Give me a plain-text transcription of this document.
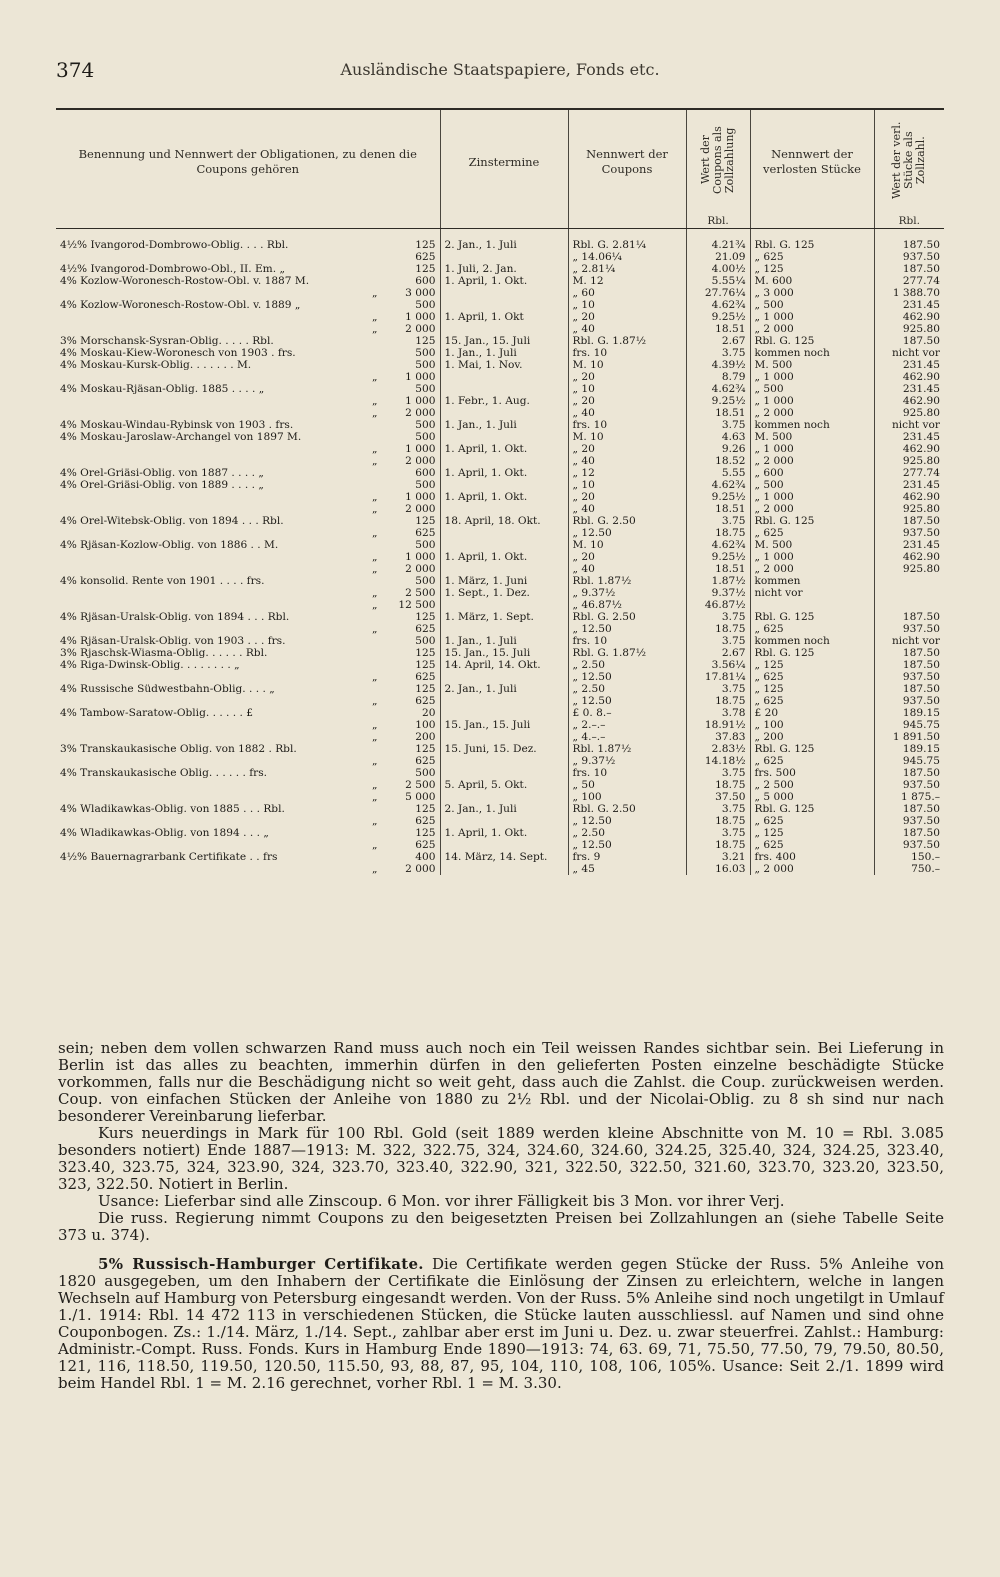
374	Ausländische Staatspapiere, Fonds etc.
Benennung und Nennwert der Obligationen, zu denen die Coupons gehören	Zinstermine	Nennwert der Coupons	Wert der Coupons als Zollzahlung	Nennwert der verlosten Stücke	Wert der verl. Stücke als Zollzahl.
			Rbl.		Rbl.

4½% Ivangorod-Dombrowo-Oblig. . . . Rbl. 125	2. Jan., 1. Juli	Rbl. G. 2.81¼	4.21¾	Rbl. G. 125	187.50

625		„ 14.06¼	21.09	„ 625	937.50

4½% Ivangorod-Dombrowo-Obl., II. Em. „ 125	1. Juli, 2. Jan.	„ 2.81¼	4.00½	„ 125	187.50

4% Kozlow-Woronesch-Rostow-Obl. v. 1887 M. 600	1. April, 1. Okt.	M. 12	5.55¼	M. 600	277.74

„ 3 000		„ 60	27.76¼	„ 3 000	1 388.70

4% Kozlow-Woronesch-Rostow-Obl. v. 1889 „ 500		„ 10	4.62¾	„ 500	231.45

„ 1 000	1. April, 1. Okt	„ 20	9.25½	„ 1 000	462.90

„ 2 000		„ 40	18.51	„ 2 000	925.80

3% Morschansk-Sysran-Oblig. . . . . Rbl. 125	15. Jan., 15. Juli	Rbl. G. 1.87½	2.67	Rbl. G. 125	187.50

4% Moskau-Kiew-Woronesch von 1903 . frs. 500	1. Jan., 1. Juli	frs. 10	3.75	kommen noch	nicht vor

4% Moskau-Kursk-Oblig. . . . . . . M. 500	1. Mai, 1. Nov.	M. 10	4.39½	M. 500	231.45

„ 1 000		„ 20	8.79	„ 1 000	462.90

4% Moskau-Rjäsan-Oblig. 1885 . . . . „ 500		„ 10	4.62¾	„ 500	231.45

„ 1 000	1. Febr., 1. Aug.	„ 20	9.25½	„ 1 000	462.90

„ 2 000		„ 40	18.51	„ 2 000	925.80

4% Moskau-Windau-Rybinsk von 1903 . frs. 500	1. Jan., 1. Juli	frs. 10	3.75	kommen noch	nicht vor

4% Moskau-Jaroslaw-Archangel von 1897 M. 500		M. 10	4.63	M. 500	231.45

„ 1 000	1. April, 1. Okt.	„ 20	9.26	„ 1 000	462.90

„ 2 000		„ 40	18.52	„ 2 000	925.80

4% Orel-Griäsi-Oblig. von 1887 . . . . „ 600	1. April, 1. Okt.	„ 12	5.55	„ 600	277.74

4% Orel-Griäsi-Oblig. von 1889 . . . . „ 500		„ 10	4.62¾	„ 500	231.45

„ 1 000	1. April, 1. Okt.	„ 20	9.25½	„ 1 000	462.90

„ 2 000		„ 40	18.51	„ 2 000	925.80

4% Orel-Witebsk-Oblig. von 1894 . . . Rbl. 125	18. April, 18. Okt.	Rbl. G. 2.50	3.75	Rbl. G. 125	187.50

„ 625		„ 12.50	18.75	„ 625	937.50

4% Rjäsan-Kozlow-Oblig. von 1886 . . M. 500		M. 10	4.62¾	M. 500	231.45

„ 1 000	1. April, 1. Okt.	„ 20	9.25½	„ 1 000	462.90

„ 2 000		„ 40	18.51	„ 2 000	925.80

4% konsolid. Rente von 1901 . . . . frs. 500	1. März, 1. Juni	Rbl. 1.87½	1.87½	kommen	

„ 2 500	1. Sept., 1. Dez.	„ 9.37½	9.37½	nicht vor	

„ 12 500		„ 46.87½	46.87½		

4% Rjäsan-Uralsk-Oblig. von 1894 . . . Rbl. 125	1. März, 1. Sept.	Rbl. G. 2.50	3.75	Rbl. G. 125	187.50

„ 625		„ 12.50	18.75	„ 625	937.50

4% Rjäsan-Uralsk-Oblig. von 1903 . . . frs. 500	1. Jan., 1. Juli	frs. 10	3.75	kommen noch	nicht vor

3% Rjaschsk-Wiasma-Oblig. . . . . . Rbl. 125	15. Jan., 15. Juli	Rbl. G. 1.87½	2.67	Rbl. G. 125	187.50

4% Riga-Dwinsk-Oblig. . . . . . . . „ 125	14. April, 14. Okt.	„ 2.50	3.56¼	„ 125	187.50

„ 625		„ 12.50	17.81¼	„ 625	937.50

4% Russische Südwestbahn-Oblig. . . . „ 125	2. Jan., 1. Juli	„ 2.50	3.75	„ 125	187.50

„ 625		„ 12.50	18.75	„ 625	937.50

4% Tambow-Saratow-Oblig. . . . . . £ 20		£ 0. 8.–	3.78	£ 20	189.15

„ 100	15. Jan., 15. Juli	„ 2.–.–	18.91½	„ 100	945.75

„ 200		„ 4.–.–	37.83	„ 200	1 891.50

3% Transkaukasische Oblig. von 1882 . Rbl. 125	15. Juni, 15. Dez.	Rbl. 1.87½	2.83½	Rbl. G. 125	189.15

„ 625		„ 9.37½	14.18½	„ 625	945.75

4% Transkaukasische Oblig. . . . . . frs. 500		frs. 10	3.75	frs. 500	187.50

„ 2 500	5. April, 5. Okt.	„ 50	18.75	„ 2 500	937.50

„ 5 000		„ 100	37.50	„ 5 000	1 875.–

4% Wladikawkas-Oblig. von 1885 . . . Rbl. 125	2. Jan., 1. Juli	Rbl. G. 2.50	3.75	Rbl. G. 125	187.50

„ 625		„ 12.50	18.75	„ 625	937.50

4% Wladikawkas-Oblig. von 1894 . . . „ 125	1. April, 1. Okt.	„ 2.50	3.75	„ 125	187.50

„ 625		„ 12.50	18.75	„ 625	937.50

4½% Bauernagrarbank Certifikate . . frs 400	14. März, 14. Sept.	frs. 9	3.21	frs. 400	150.–

„ 2 000		„ 45	16.03	„ 2 000	750.–

sein; neben dem vollen schwarzen Rand muss auch noch ein Teil weissen Randes sichtbar sein. Bei Lieferung in Berlin ist das alles zu beachten, immerhin dürfen in den gelieferten Posten einzelne beschädigte Stücke vorkommen, falls nur die Beschädigung nicht so weit geht, dass auch die Zahlst. die Coup. zurückweisen werden. Coup. von einfachen Stücken der Anleihe von 1880 zu 2½ Rbl. und der Nicolai-Oblig. zu 8 sh sind nur nach besonderer Vereinbarung lieferbar.

Kurs neuerdings in Mark für 100 Rbl. Gold (seit 1889 werden kleine Abschnitte von M. 10 = Rbl. 3.085 besonders notiert) Ende 1887—1913: M. 322, 322.75, 324, 324.60, 324.60, 324.25, 325.40, 324, 324.25, 323.40, 323.40, 323.75, 324, 323.90, 324, 323.70, 323.40, 322.90, 321, 322.50, 322.50, 321.60, 323.70, 323.20, 323.50, 323, 322.50. Notiert in Berlin.

Usance: Lieferbar sind alle Zinscoup. 6 Mon. vor ihrer Fälligkeit bis 3 Mon. vor ihrer Verj.

Die russ. Regierung nimmt Coupons zu den beigesetzten Preisen bei Zollzahlungen an (siehe Tabelle Seite 373 u. 374).

5% Russisch-Hamburger Certifikate. Die Certifikate werden gegen Stücke der Russ. 5% Anleihe von 1820 ausgegeben, um den Inhabern der Certifikate die Einlösung der Zinsen zu erleichtern, welche in langen Wechseln auf Hamburg von Petersburg eingesandt werden. Von der Russ. 5% Anleihe sind noch ungetilgt in Umlauf 1./1. 1914: Rbl. 14 472 113 in verschiedenen Stücken, die Stücke lauten ausschliessl. auf Namen und sind ohne Couponbogen. Zs.: 1./14. März, 1./14. Sept., zahlbar aber erst im Juni u. Dez. u. zwar steuerfrei. Zahlst.: Hamburg: Administr.-Compt. Russ. Fonds. Kurs in Hamburg Ende 1890—1913: 74, 63. 69, 71, 75.50, 77.50, 79, 79.50, 80.50, 121, 116, 118.50, 119.50, 120.50, 115.50, 93, 88, 87, 95, 104, 110, 108, 106, 105%. Usance: Seit 2./1. 1899 wird beim Handel Rbl. 1 = M. 2.16 gerechnet, vorher Rbl. 1 = M. 3.30.
